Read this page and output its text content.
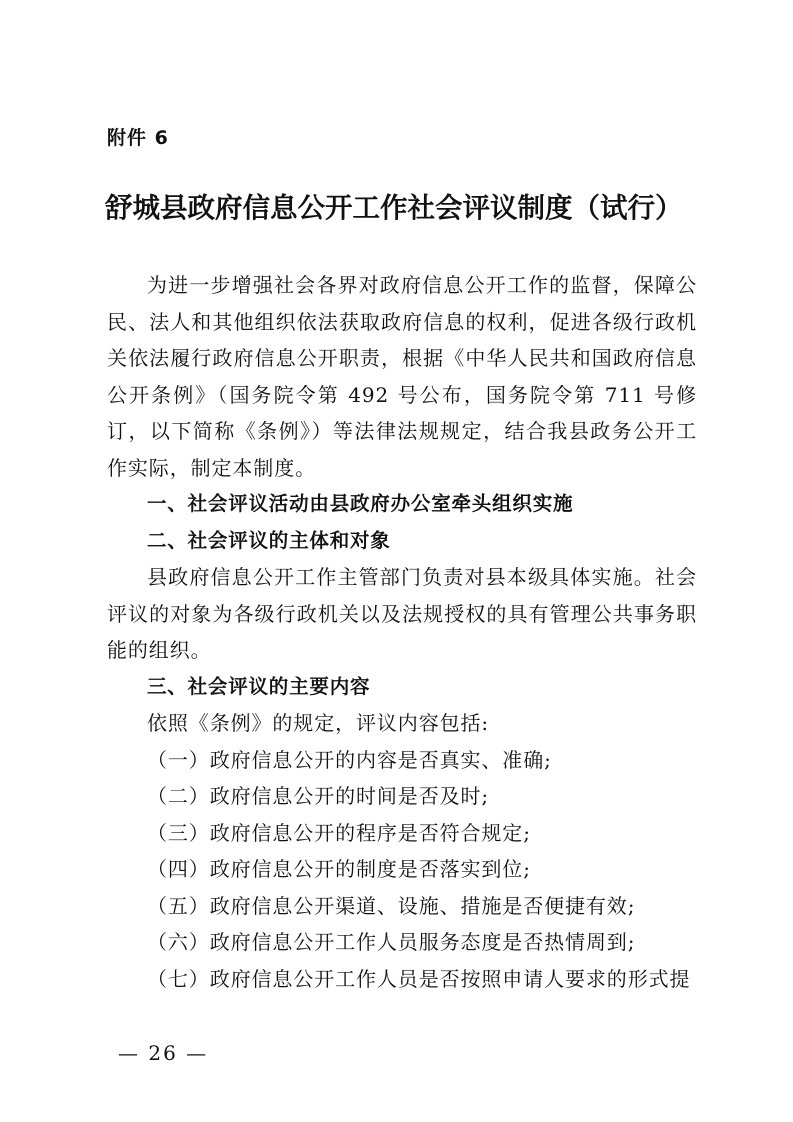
附件 6

舒城县政府信息公开工作社会评议制度（试行）

为进一步增强社会各界对政府信息公开工作的监督，保障公民、法人和其他组织依法获取政府信息的权利，促进各级行政机关依法履行政府信息公开职责，根据《中华人民共和国政府信息公开条例》（国务院令第 492 号公布，国务院令第 711 号修订，以下简称《条例》）等法律法规规定，结合我县政务公开工作实际，制定本制度。

一、社会评议活动由县政府办公室牵头组织实施

二、社会评议的主体和对象

县政府信息公开工作主管部门负责对县本级具体实施。社会评议的对象为各级行政机关以及法规授权的具有管理公共事务职能的组织。

三、社会评议的主要内容

依照《条例》的规定，评议内容包括:

（一）政府信息公开的内容是否真实、准确;

（二）政府信息公开的时间是否及时;

（三）政府信息公开的程序是否符合规定;

（四）政府信息公开的制度是否落实到位;

（五）政府信息公开渠道、设施、措施是否便捷有效;

（六）政府信息公开工作人员服务态度是否热情周到;

（七）政府信息公开工作人员是否按照申请人要求的形式提

— 26 —
